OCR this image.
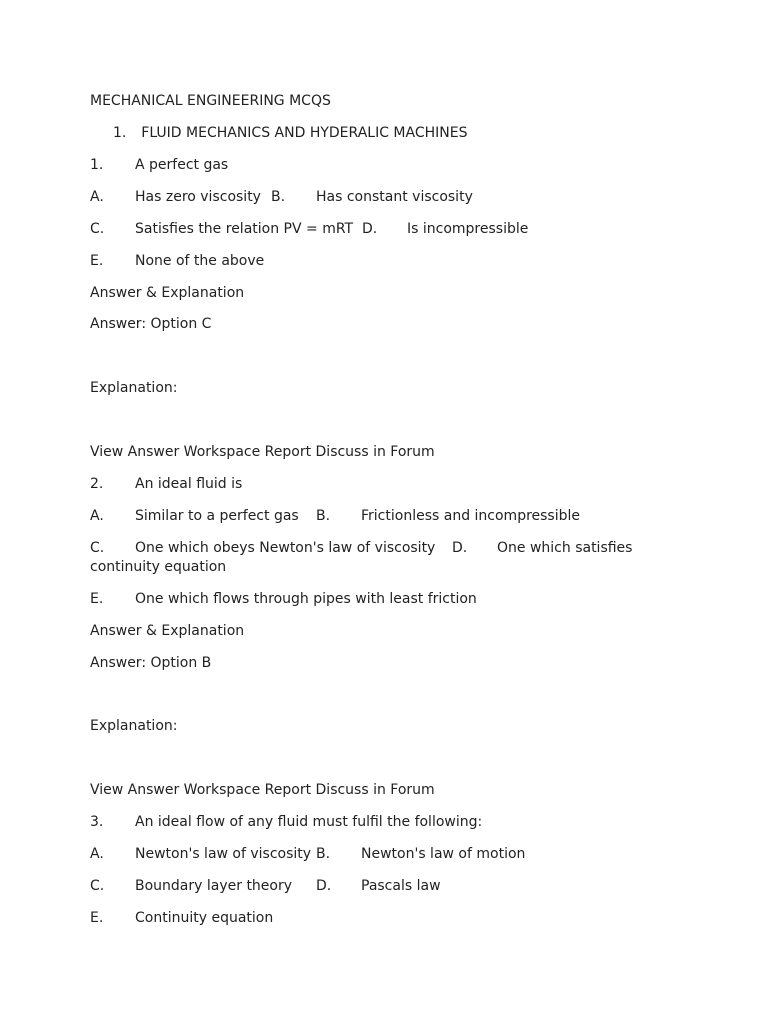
MECHANICAL ENGINEERING MCQS
1. FLUID MECHANICS AND HYDERALIC MACHINES
1. A perfect gas
A. Has zero viscosity B. Has constant viscosity
C. Satisfies the relation PV = mRT D. Is incompressible
E. None of the above
Answer & Explanation
Answer: Option C
Explanation:
View Answer Workspace Report Discuss in Forum
2. An ideal fluid is
A. Similar to a perfect gas B. Frictionless and incompressible
C. One which obeys Newton's law of viscosity D. One which satisfies
continuity equation
E. One which flows through pipes with least friction
Answer & Explanation
Answer: Option B
Explanation:
View Answer Workspace Report Discuss in Forum
3. An ideal flow of any fluid must fulfil the following:
A. Newton's law of viscosity B. Newton's law of motion
C. Boundary layer theory D. Pascals law
E. Continuity equation
